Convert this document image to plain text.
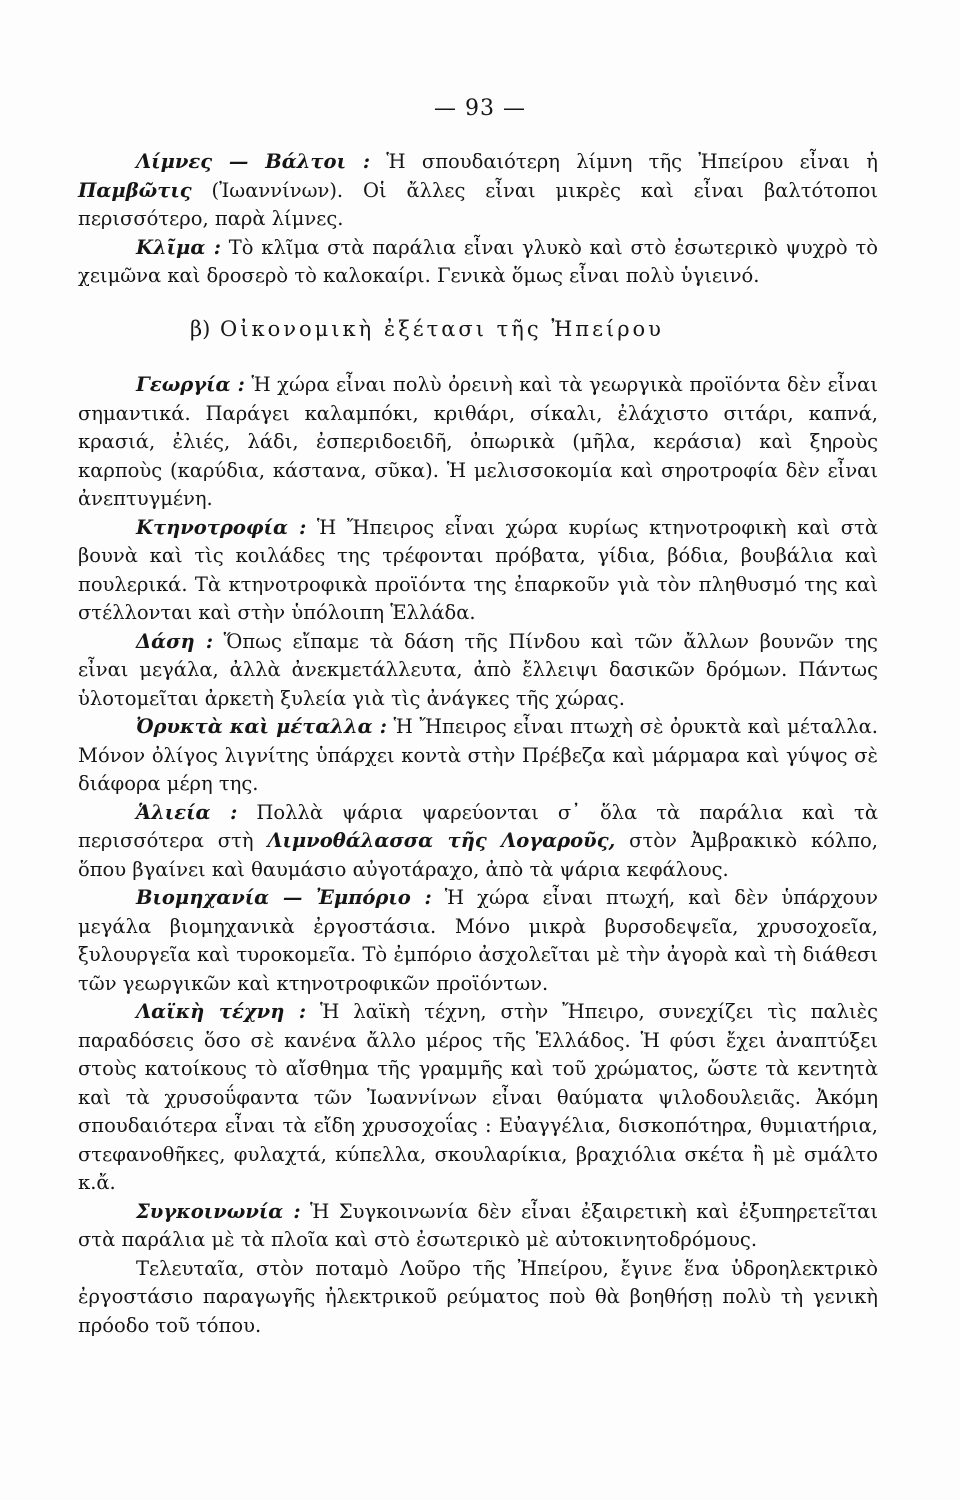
— 93 —

Λίμνες — Βάλτοι : Ἡ σπουδαιότερη λίμνη τῆς Ἠπείρου εἶναι ἡ Παμβῶτις (Ἰωαννίνων). Οἱ ἄλλες εἶναι μικρὲς καὶ εἶναι βαλτότοποι περισσότερο, παρὰ λίμνες.

Κλῖμα : Τὸ κλῖμα στὰ παράλια εἶναι γλυκὸ καὶ στὸ ἐσωτερικὸ ψυχρὸ τὸ χειμῶνα καὶ δροσερὸ τὸ καλοκαίρι. Γενικὰ ὅμως εἶναι πολὺ ὑγιεινό.

β) Οἰκονομικὴ ἐξέτασι τῆς Ἠπείρου

Γεωργία : Ἡ χώρα εἶναι πολὺ ὀρεινὴ καὶ τὰ γεωργικὰ προϊόντα δὲν εἶναι σημαντικά. Παράγει καλαμπόκι, κριθάρι, σίκαλι, ἐλάχιστο σιτάρι, καπνά, κρασιά, ἐλιές, λάδι, ἐσπεριδοειδῆ, ὀπωρικὰ (μῆλα, κεράσια) καὶ ξηροὺς καρποὺς (καρύδια, κάστανα, σῦκα). Ἡ μελισσοκομία καὶ σηροτροφία δὲν εἶναι ἀνεπτυγμένη.

Κτηνοτροφία : Ἡ Ἤπειρος εἶναι χώρα κυρίως κτηνοτροφικὴ καὶ στὰ βουνὰ καὶ τὶς κοιλάδες της τρέφονται πρόβατα, γίδια, βόδια, βουβάλια καὶ πουλερικά. Τὰ κτηνοτροφικὰ προϊόντα της ἐπαρκοῦν γιὰ τὸν πληθυσμό της καὶ στέλλονται καὶ στὴν ὑπόλοιπη Ἑλλάδα.

Δάση : Ὅπως εἴπαμε τὰ δάση τῆς Πίνδου καὶ τῶν ἄλλων βουνῶν της εἶναι μεγάλα, ἀλλὰ ἀνεκμετάλλευτα, ἀπὸ ἔλλειψι δασικῶν δρόμων. Πάντως ὑλοτομεῖται ἀρκετὴ ξυλεία γιὰ τὶς ἀνάγκες τῆς χώρας.

Ὀρυκτὰ καὶ μέταλλα : Ἡ Ἤπειρος εἶναι πτωχὴ σὲ ὀρυκτὰ καὶ μέταλλα. Μόνον ὀλίγος λιγνίτης ὑπάρχει κοντὰ στὴν Πρέβεζα καὶ μάρμαρα καὶ γύψος σὲ διάφορα μέρη της.

Ἁλιεία : Πολλὰ ψάρια ψαρεύονται σ᾽ ὅλα τὰ παράλια καὶ τὰ περισσότερα στὴ Λιμνοθάλασσα τῆς Λογαροῦς, στὸν Ἀμβρακικὸ κόλπο, ὅπου βγαίνει καὶ θαυμάσιο αὐγοτάραχο, ἀπὸ τὰ ψάρια κεφάλους.

Βιομηχανία — Ἐμπόριο : Ἡ χώρα εἶναι πτωχή, καὶ δὲν ὑπάρχουν μεγάλα βιομηχανικὰ ἐργοστάσια. Μόνο μικρὰ βυρσοδεψεῖα, χρυσοχοεῖα, ξυλουργεῖα καὶ τυροκομεῖα. Τὸ ἐμπόριο ἀσχολεῖται μὲ τὴν ἀγορὰ καὶ τὴ διάθεσι τῶν γεωργικῶν καὶ κτηνοτροφικῶν προϊόντων.

Λαϊκὴ τέχνη : Ἡ λαϊκὴ τέχνη, στὴν Ἤπειρο, συνεχίζει τὶς παλιὲς παραδόσεις ὅσο σὲ κανένα ἄλλο μέρος τῆς Ἑλλάδος. Ἡ φύσι ἔχει ἀναπτύξει στοὺς κατοίκους τὸ αἴσθημα τῆς γραμμῆς καὶ τοῦ χρώματος, ὥστε τὰ κεντητὰ καὶ τὰ χρυσοΰφαντα τῶν Ἰωαννίνων εἶναι θαύματα ψιλοδουλειᾶς. Ἀκόμη σπουδαιότερα εἶναι τὰ εἴδη χρυσοχοΐας : Εὐαγγέλια, δισκοπότηρα, θυμιατήρια, στεφανοθῆκες, φυλαχτά, κύπελλα, σκουλαρίκια, βραχιόλια σκέτα ἢ μὲ σμάλτο κ.ἄ.

Συγκοινωνία : Ἡ Συγκοινωνία δὲν εἶναι ἐξαιρετικὴ καὶ ἐξυπηρετεῖται στὰ παράλια μὲ τὰ πλοῖα καὶ στὸ ἐσωτερικὸ μὲ αὐτοκινητοδρόμους.

Τελευταῖα, στὸν ποταμὸ Λοῦρο τῆς Ἠπείρου, ἔγινε ἕνα ὑδροηλεκτρικὸ ἐργοστάσιο παραγωγῆς ἠλεκτρικοῦ ρεύματος ποὺ θὰ βοηθήσῃ πολὺ τὴ γενικὴ πρόοδο τοῦ τόπου.
